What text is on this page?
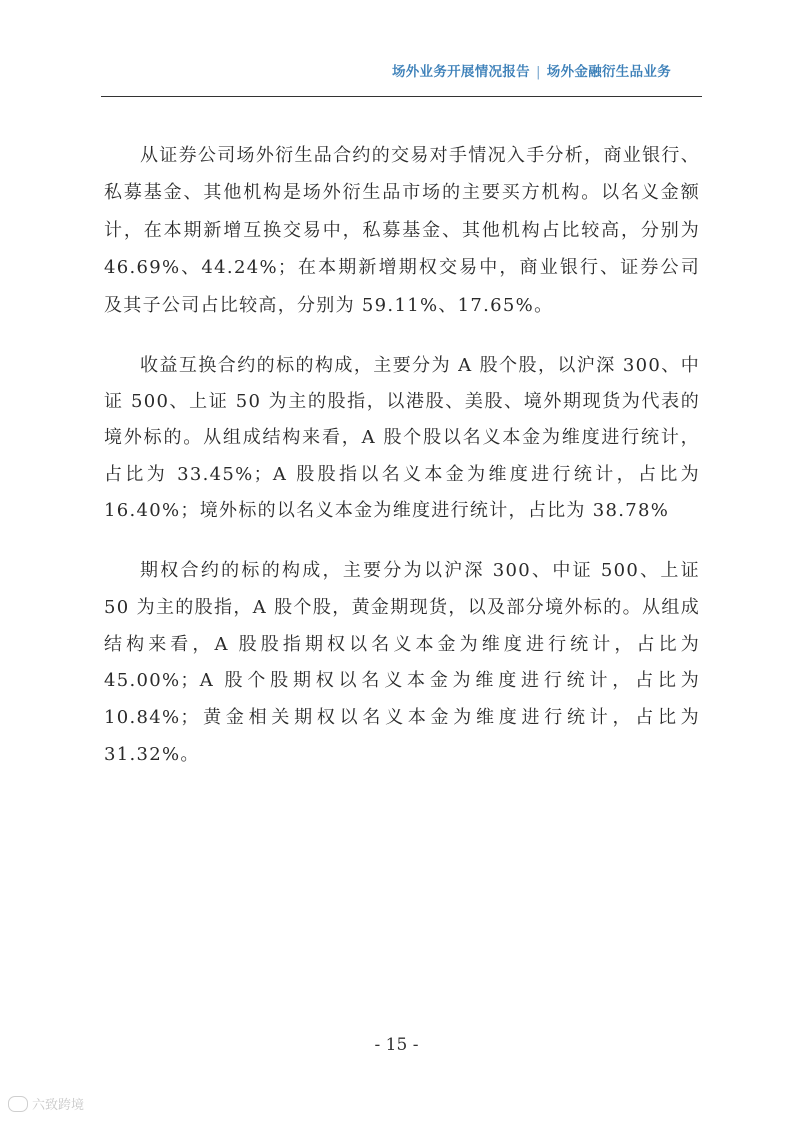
场外业务开展情况报告 | 场外金融衍生品业务

从证券公司场外衍生品合约的交易对手情况入手分析，商业银行、私募基金、其他机构是场外衍生品市场的主要买方机构。以名义金额计，在本期新增互换交易中，私募基金、其他机构占比较高，分别为 46.69%、44.24%；在本期新增期权交易中，商业银行、证券公司及其子公司占比较高，分别为 59.11%、17.65%。

收益互换合约的标的构成，主要分为 A 股个股，以沪深 300、中证 500、上证 50 为主的股指，以港股、美股、境外期现货为代表的境外标的。从组成结构来看，A 股个股以名义本金为维度进行统计，占比为 33.45%；A 股股指以名义本金为维度进行统计，占比为 16.40%；境外标的以名义本金为维度进行统计，占比为 38.78%

期权合约的标的构成，主要分为以沪深 300、中证 500、上证 50 为主的股指，A 股个股，黄金期现货，以及部分境外标的。从组成结构来看，A 股股指期权以名义本金为维度进行统计，占比为 45.00%；A 股个股期权以名义本金为维度进行统计，占比为 10.84%；黄金相关期权以名义本金为维度进行统计，占比为 31.32%。

- 15 -
六致跨境
